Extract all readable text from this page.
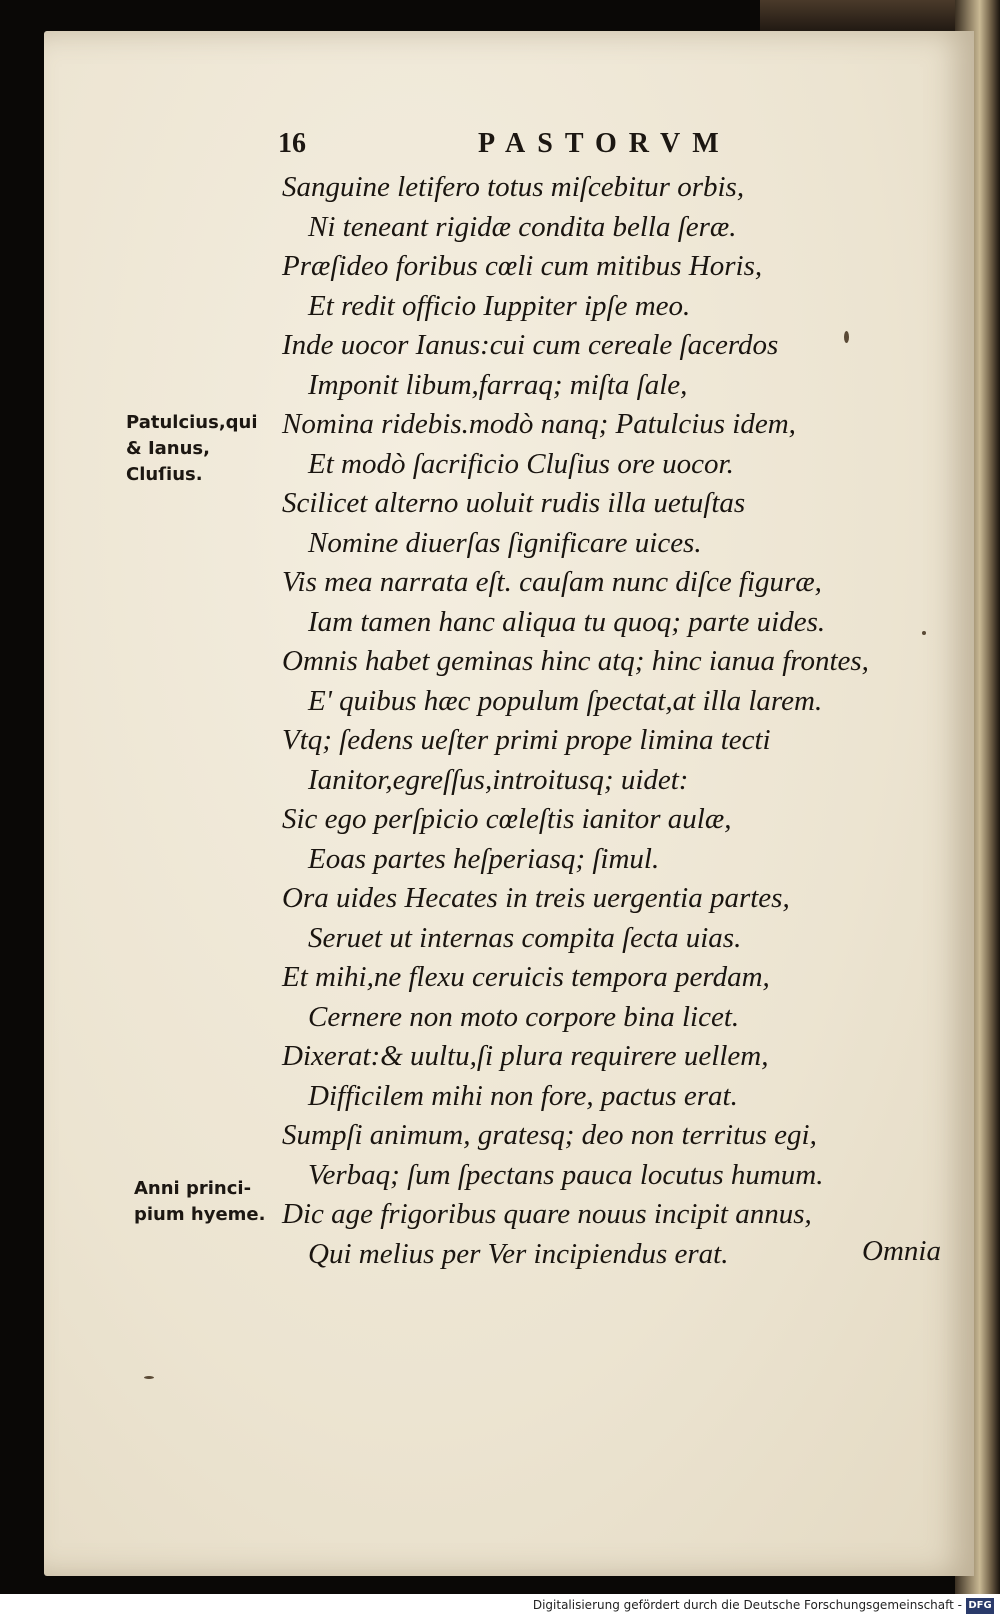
16	PASTORVM
Patulcius,qui
& Ianus,
Cluſius.
Anni princi-
pium hyeme.
Sanguine letifero totus miſcebitur orbis,
Ni teneant rigidæ condita bella ſeræ.
Præſideo foribus cœli cum mitibus Horis,
Et redit officio Iuppiter ipſe meo.
Inde uocor Ianus:cui cum cereale ſacerdos
Imponit libum,farraq; miſta ſale,
Nomina ridebis.modò nanq; Patulcius idem,
Et modò ſacrificio Cluſius ore uocor.
Scilicet alterno uoluit rudis illa uetuſtas
Nomine diuerſas ſignificare uices.
Vis mea narrata eſt. cauſam nunc diſce figuræ,
Iam tamen hanc aliqua tu quoq; parte uides.
Omnis habet geminas hinc atq; hinc ianua frontes,
E' quibus hæc populum ſpectat,at illa larem.
Vtq; ſedens ueſter primi prope limina tecti
Ianitor,egreſſus,introitusq; uidet:
Sic ego perſpicio cœleſtis ianitor aulæ,
Eoas partes heſperiasq; ſimul.
Ora uides Hecates in treis uergentia partes,
Seruet ut internas compita ſecta uias.
Et mihi,ne flexu ceruicis tempora perdam,
Cernere non moto corpore bina licet.
Dixerat:& uultu,ſi plura requirere uellem,
Difficilem mihi non fore, pactus erat.
Sumpſi animum, gratesq; deo non territus egi,
Verbaq; ſum ſpectans pauca locutus humum.
Dic age frigoribus quare nouus incipit annus,
Qui melius per Ver incipiendus erat.	Omnia
Digitalisierung gefördert durch die Deutsche Forschungsgemeinschaft - DFG
